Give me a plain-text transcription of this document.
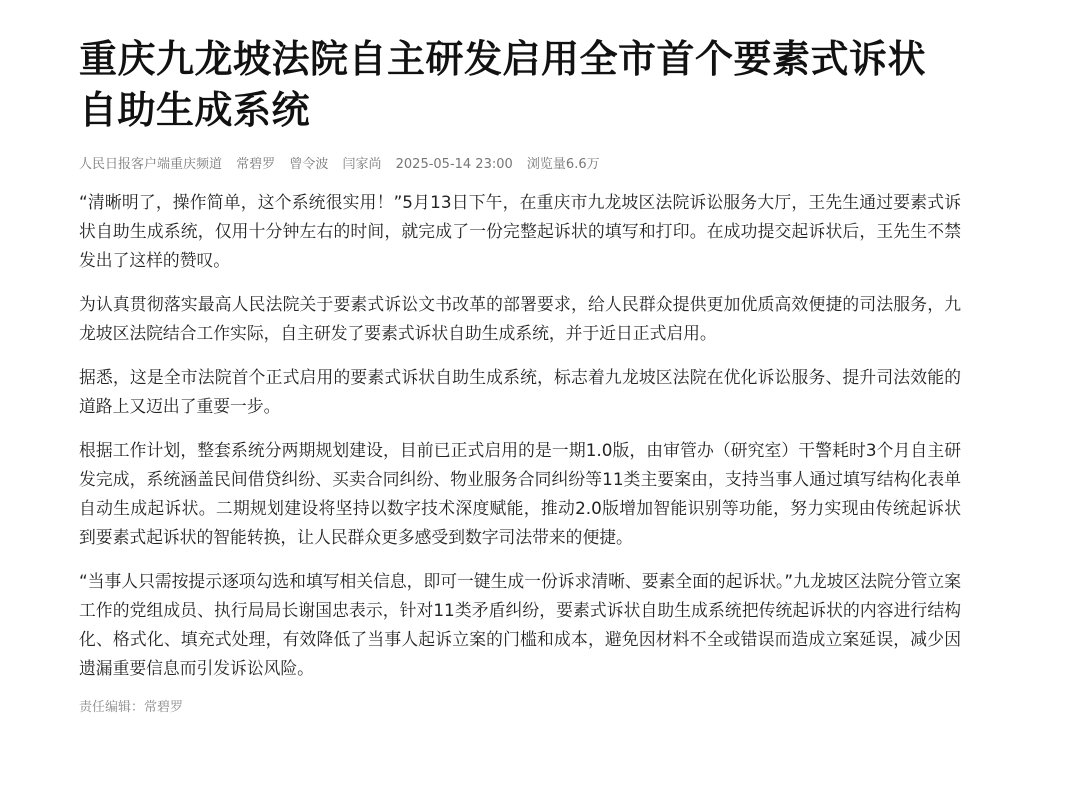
重庆九龙坡法院自主研发启用全市首个要素式诉状自助生成系统
人民日报客户端重庆频道 常碧罗 曾令波 闫家尚 2025-05-14 23:00 浏览量6.6万

“清晰明了，操作简单，这个系统很实用！”5月13日下午，在重庆市九龙坡区法院诉讼服务大厅，王先生通过要素式诉状自助生成系统，仅用十分钟左右的时间，就完成了一份完整起诉状的填写和打印。在成功提交起诉状后，王先生不禁发出了这样的赞叹。

为认真贯彻落实最高人民法院关于要素式诉讼文书改革的部署要求，给人民群众提供更加优质高效便捷的司法服务，九龙坡区法院结合工作实际，自主研发了要素式诉状自助生成系统，并于近日正式启用。

据悉，这是全市法院首个正式启用的要素式诉状自助生成系统，标志着九龙坡区法院在优化诉讼服务、提升司法效能的道路上又迈出了重要一步。

根据工作计划，整套系统分两期规划建设，目前已正式启用的是一期1.0版，由审管办（研究室）干警耗时3个月自主研发完成，系统涵盖民间借贷纠纷、买卖合同纠纷、物业服务合同纠纷等11类主要案由，支持当事人通过填写结构化表单自动生成起诉状。二期规划建设将坚持以数字技术深度赋能，推动2.0版增加智能识别等功能，努力实现由传统起诉状到要素式起诉状的智能转换，让人民群众更多感受到数字司法带来的便捷。

“当事人只需按提示逐项勾选和填写相关信息，即可一键生成一份诉求清晰、要素全面的起诉状。”九龙坡区法院分管立案工作的党组成员、执行局局长谢国忠表示，针对11类矛盾纠纷，要素式诉状自助生成系统把传统起诉状的内容进行结构化、格式化、填充式处理，有效降低了当事人起诉立案的门槛和成本，避免因材料不全或错误而造成立案延误，减少因遗漏重要信息而引发诉讼风险。

责任编辑：常碧罗
